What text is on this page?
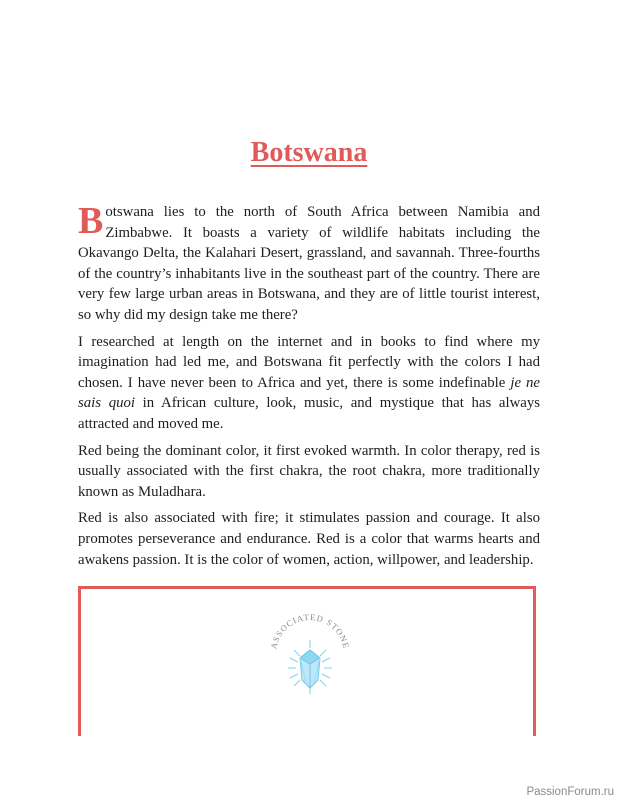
Botswana

Botswana lies to the north of South Africa between Namibia and Zimbabwe. It boasts a variety of wildlife habitats including the Okavango Delta, the Kalahari Desert, grassland, and savannah. Three-fourths of the country’s inhabitants live in the southeast part of the country. There are very few large urban areas in Botswana, and they are of little tourist interest, so why did my design take me there?

I researched at length on the internet and in books to find where my imagination had led me, and Botswana fit perfectly with the colors I had chosen. I have never been to Africa and yet, there is some indefinable je ne sais quoi in African culture, look, music, and mystique that has always attracted and moved me.

Red being the dominant color, it first evoked warmth. In color therapy, red is usually associated with the first chakra, the root chakra, more traditionally known as Muladhara.

Red is also associated with fire; it stimulates passion and courage. It also promotes perseverance and endurance. Red is a color that warms hearts and awakens passion. It is the color of women, action, willpower, and leadership.

ASSOCIATED STONE
PassionForum.ru
